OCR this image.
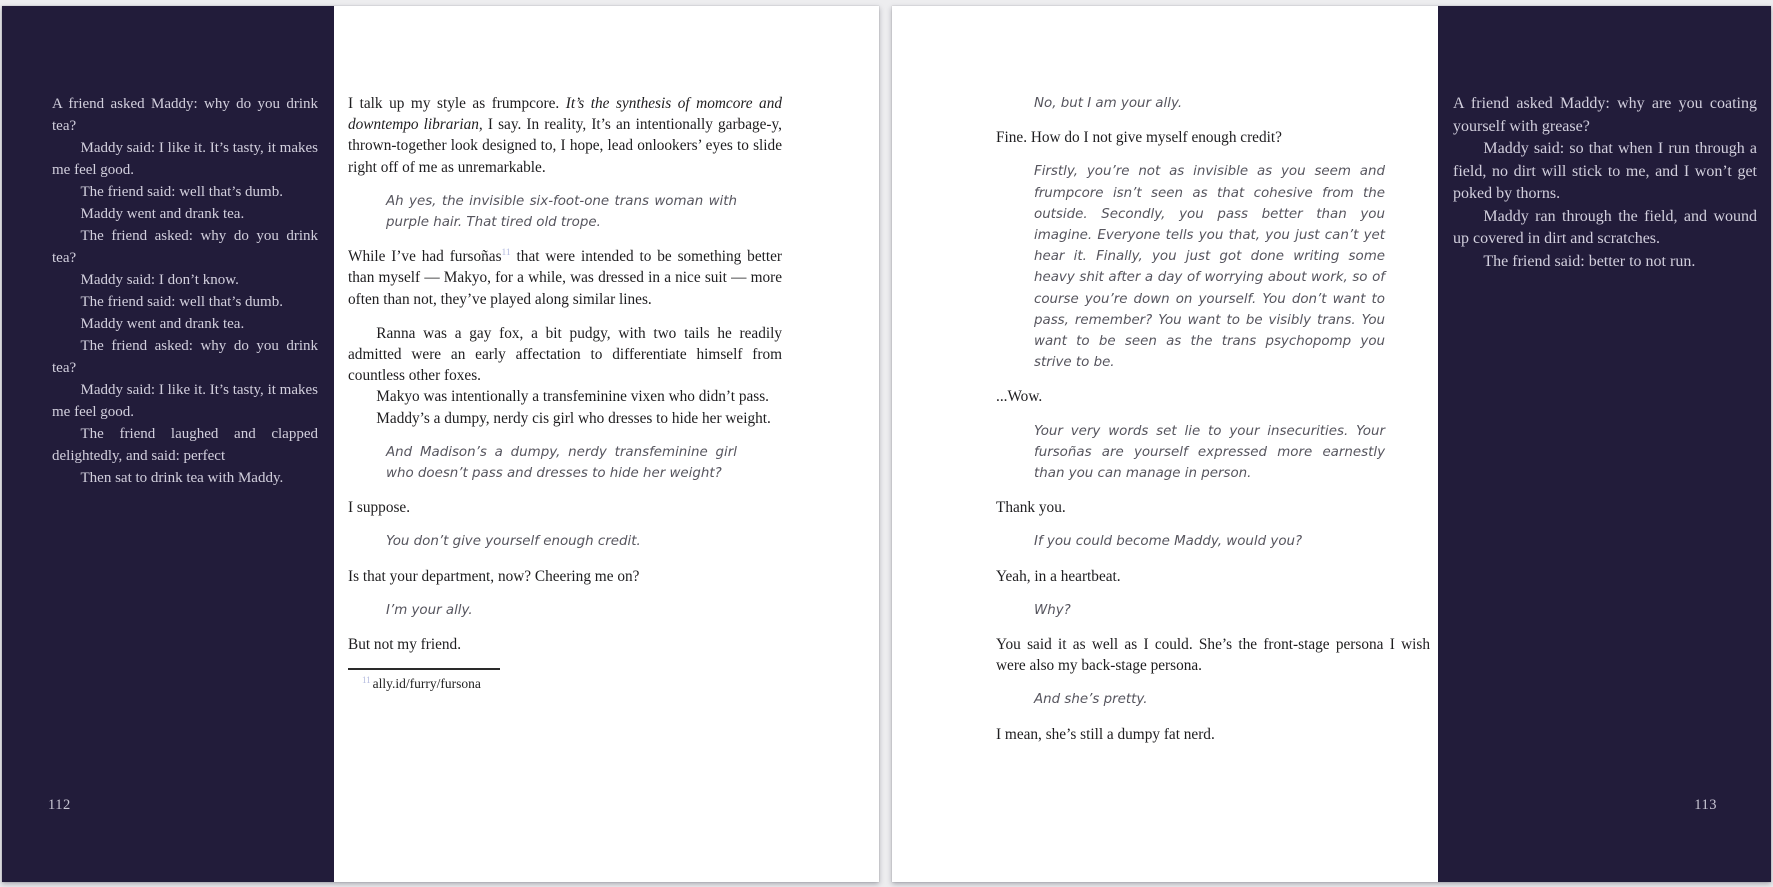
A friend asked Maddy: why do you drink tea?

Maddy said: I like it. It’s tasty, it makes me feel good.

The friend said: well that’s dumb.

Maddy went and drank tea.

The friend asked: why do you drink tea?

Maddy said: I don’t know.

The friend said: well that’s dumb.

Maddy went and drank tea.

The friend asked: why do you drink tea?

Maddy said: I like it. It’s tasty, it makes me feel good.

The friend laughed and clapped delightedly, and said: perfect

Then sat to drink tea with Maddy.

112

I talk up my style as frumpcore. It’s the synthesis of momcore and downtempo librarian, I say. In reality, It’s an intentionally garbage-y, thrown-together look designed to, I hope, lead onlookers’ eyes to slide right off of me as unremarkable.

Ah yes, the invisible six-foot-one trans woman with purple hair. That tired old trope.

While I’ve had fursoñas$^{11}$ that were intended to be something better than myself — Makyo, for a while, was dressed in a nice suit — more often than not, they’ve played along similar lines.

Ranna was a gay fox, a bit pudgy, with two tails he readily admitted were an early affectation to differentiate himself from countless other foxes.

Makyo was intentionally a transfeminine vixen who didn’t pass.

Maddy’s a dumpy, nerdy cis girl who dresses to hide her weight.

And Madison’s a dumpy, nerdy transfeminine girl who doesn’t pass and dresses to hide her weight?

I suppose.

You don’t give yourself enough credit.

Is that your department, now? Cheering me on?

I’m your ally.

But not my friend.

$^{11}$ ally.id/furry/fursona

No, but I am your ally.

Fine. How do I not give myself enough credit?

Firstly, you’re not as invisible as you seem and frumpcore isn’t seen as that cohesive from the outside. Secondly, you pass better than you imagine. Everyone tells you that, you just can’t yet hear it. Finally, you just got done writing some heavy shit after a day of worrying about work, so of course you’re down on yourself. You don’t want to pass, remember? You want to be visibly trans. You want to be seen as the trans psychopomp you strive to be.

...Wow.

Your very words set lie to your insecurities. Your fursoñas are yourself expressed more earnestly than you can manage in person.

Thank you.

If you could become Maddy, would you?

Yeah, in a heartbeat.

Why?

You said it as well as I could. She’s the front-stage persona I wish were also my back-stage persona.

And she’s pretty.

I mean, she’s still a dumpy fat nerd.

A friend asked Maddy: why are you coating yourself with grease?

Maddy said: so that when I run through a field, no dirt will stick to me, and I won’t get poked by thorns.

Maddy ran through the field, and wound up covered in dirt and scratches.

The friend said: better to not run.

113
